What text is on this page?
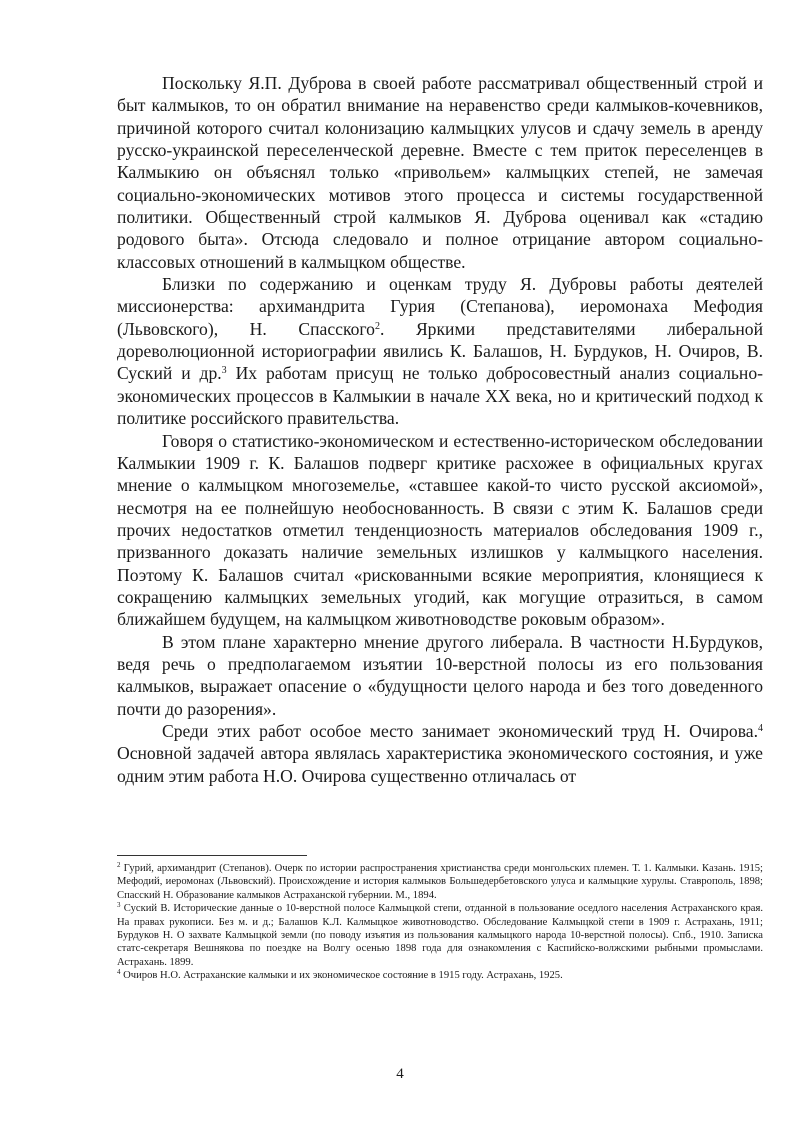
Поскольку Я.П. Дуброва в своей работе рассматривал общественный строй и быт калмыков, то он обратил внимание на неравенство среди калмыков-кочевников, причиной которого считал колонизацию калмыцких улусов и сдачу земель в аренду русско-украинской переселенческой деревне. Вместе с тем приток переселенцев в Калмыкию он объяснял только «привольем» калмыцких степей, не замечая социально-экономических мотивов этого процесса и системы государственной политики. Общественный строй калмыков Я. Дуброва оценивал как «стадию родового быта». Отсюда следовало и полное отрицание автором социально-классовых отношений в калмыцком обществе.

Близки по содержанию и оценкам труду Я. Дубровы работы деятелей миссионерства: архимандрита Гурия (Степанова), иеромонаха Мефодия (Львовского), Н. Спасского$^2$. Яркими представителями либеральной дореволюционной историографии явились К. Балашов, Н. Бурдуков, Н. Очиров, В. Суский и др.$^3$ Их работам присущ не только добросовестный анализ социально-экономических процессов в Калмыкии в начале XX века, но и критический подход к политике российского правительства.

Говоря о статистико-экономическом и естественно-историческом обследовании Калмыкии 1909 г. К. Балашов подверг критике расхожее в официальных кругах мнение о калмыцком многоземелье, «ставшее какой-то чисто русской аксиомой», несмотря на ее полнейшую необоснованность. В связи с этим К. Балашов среди прочих недостатков отметил тенденциозность материалов обследования 1909 г., призванного доказать наличие земельных излишков у калмыцкого населения. Поэтому К. Балашов считал «рискованными всякие мероприятия, клонящиеся к сокращению калмыцких земельных угодий, как могущие отразиться, в самом ближайшем будущем, на калмыцком животноводстве роковым образом».

В этом плане характерно мнение другого либерала. В частности Н.Бурдуков, ведя речь о предполагаемом изъятии 10-верстной полосы из его пользования калмыков, выражает опасение о «будущности целого народа и без того доведенного почти до разорения».

Среди этих работ особое место занимает экономический труд Н. Очирова.$^4$ Основной задачей автора являлась характеристика экономического состояния, и уже одним этим работа Н.О. Очирова существенно отличалась от

$^2$ Гурий, архимандрит (Степанов). Очерк по истории распространения христианства среди монгольских племен. Т. 1. Калмыки. Казань. 1915; Мефодий, иеромонах (Львовский). Происхождение и история калмыков Большедербетовского улуса и калмыцкие хурулы. Ставрополь, 1898; Спасский Н. Образование калмыков Астраханской губернии. М., 1894.

$^3$ Суский В. Исторические данные о 10-верстной полосе Калмыцкой степи, отданной в пользование оседлого населения Астраханского края. На правах рукописи. Без м. и д.; Балашов К.Л. Калмыцкое животноводство. Обследование Калмыцкой степи в 1909 г. Астрахань, 1911; Бурдуков Н. О захвате Калмыцкой земли (по поводу изъятия из пользования калмыцкого народа 10-верстной полосы). Спб., 1910. Записка статс-секретаря Вешнякова по поездке на Волгу осенью 1898 года для ознакомления с Каспийско-волжскими рыбными промыслами. Астрахань. 1899.

$^4$ Очиров Н.О. Астраханские калмыки и их экономическое состояние в 1915 году. Астрахань, 1925.

4
